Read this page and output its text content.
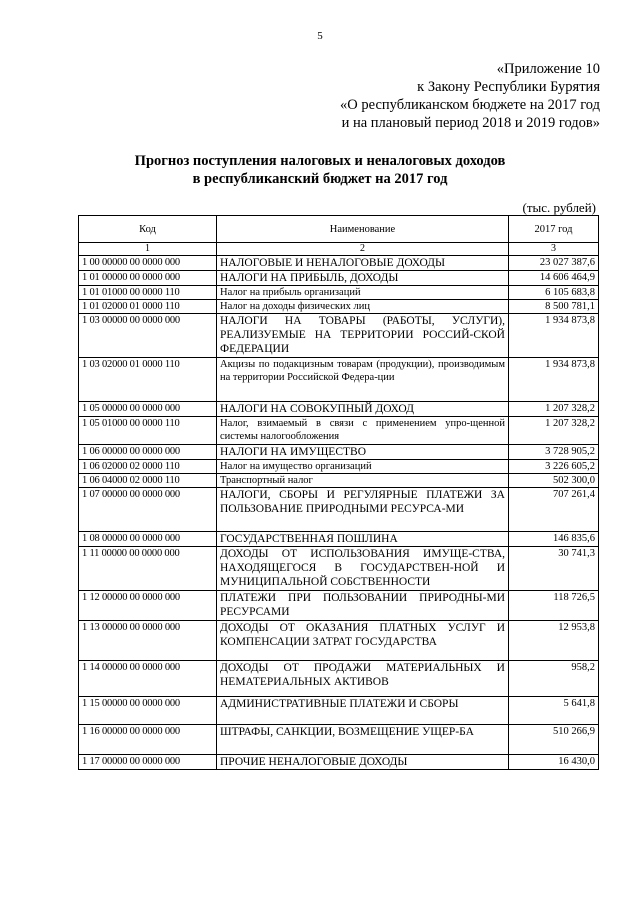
5
«Приложение 10
к Закону Республики Бурятия
«О республиканском бюджете на 2017 год
и на плановый период 2018 и 2019 годов»
Прогноз поступления налоговых и неналоговых доходов
в республиканский бюджет на 2017 год
(тыс. рублей)
Код	Наименование	2017 год
1	2	3
1 00 00000 00 0000 000	НАЛОГОВЫЕ И НЕНАЛОГОВЫЕ ДОХОДЫ	23 027 387,6
1 01 00000 00 0000 000	НАЛОГИ НА ПРИБЫЛЬ, ДОХОДЫ	14 606 464,9
1 01 01000 00 0000 110	Налог на прибыль организаций	6 105 683,8
1 01 02000 01 0000 110	Налог на доходы физических лиц	8 500 781,1
1 03 00000 00 0000 000	НАЛОГИ НА ТОВАРЫ (РАБОТЫ, УСЛУГИ), РЕАЛИЗУЕМЫЕ НА ТЕРРИТОРИИ РОССИЙ-СКОЙ ФЕДЕРАЦИИ	1 934 873,8
1 03 02000 01 0000 110	Акцизы по подакцизным товарам (продукции), производимым на территории Российской Федера-ции	1 934 873,8
1 05 00000 00 0000 000	НАЛОГИ НА СОВОКУПНЫЙ ДОХОД	1 207 328,2
1 05 01000 00 0000 110	Налог, взимаемый в связи с применением упро-щенной системы налогообложения	1 207 328,2
1 06 00000 00 0000 000	НАЛОГИ НА ИМУЩЕСТВО	3 728 905,2
1 06 02000 02 0000 110	Налог на имущество организаций	3 226 605,2
1 06 04000 02 0000 110	Транспортный налог	502 300,0
1 07 00000 00 0000 000	НАЛОГИ, СБОРЫ И РЕГУЛЯРНЫЕ ПЛАТЕЖИ ЗА ПОЛЬЗОВАНИЕ ПРИРОДНЫМИ РЕСУРСА-МИ	707 261,4
1 08 00000 00 0000 000	ГОСУДАРСТВЕННАЯ ПОШЛИНА	146 835,6
1 11 00000 00 0000 000	ДОХОДЫ ОТ ИСПОЛЬЗОВАНИЯ ИМУЩЕ-СТВА, НАХОДЯЩЕГОСЯ В ГОСУДАРСТВЕН-НОЙ И МУНИЦИПАЛЬНОЙ СОБСТВЕННОСТИ	30 741,3
1 12 00000 00 0000 000	ПЛАТЕЖИ ПРИ ПОЛЬЗОВАНИИ ПРИРОДНЫ-МИ РЕСУРСАМИ	118 726,5
1 13 00000 00 0000 000	ДОХОДЫ ОТ ОКАЗАНИЯ ПЛАТНЫХ УСЛУГ И КОМПЕНСАЦИИ ЗАТРАТ ГОСУДАРСТВА	12 953,8
1 14 00000 00 0000 000	ДОХОДЫ ОТ ПРОДАЖИ МАТЕРИАЛЬНЫХ И НЕМАТЕРИАЛЬНЫХ АКТИВОВ	958,2
1 15 00000 00 0000 000	АДМИНИСТРАТИВНЫЕ ПЛАТЕЖИ И СБОРЫ	5 641,8
1 16 00000 00 0000 000	ШТРАФЫ, САНКЦИИ, ВОЗМЕЩЕНИЕ УЩЕР-БА	510 266,9
1 17 00000 00 0000 000	ПРОЧИЕ НЕНАЛОГОВЫЕ ДОХОДЫ	16 430,0
